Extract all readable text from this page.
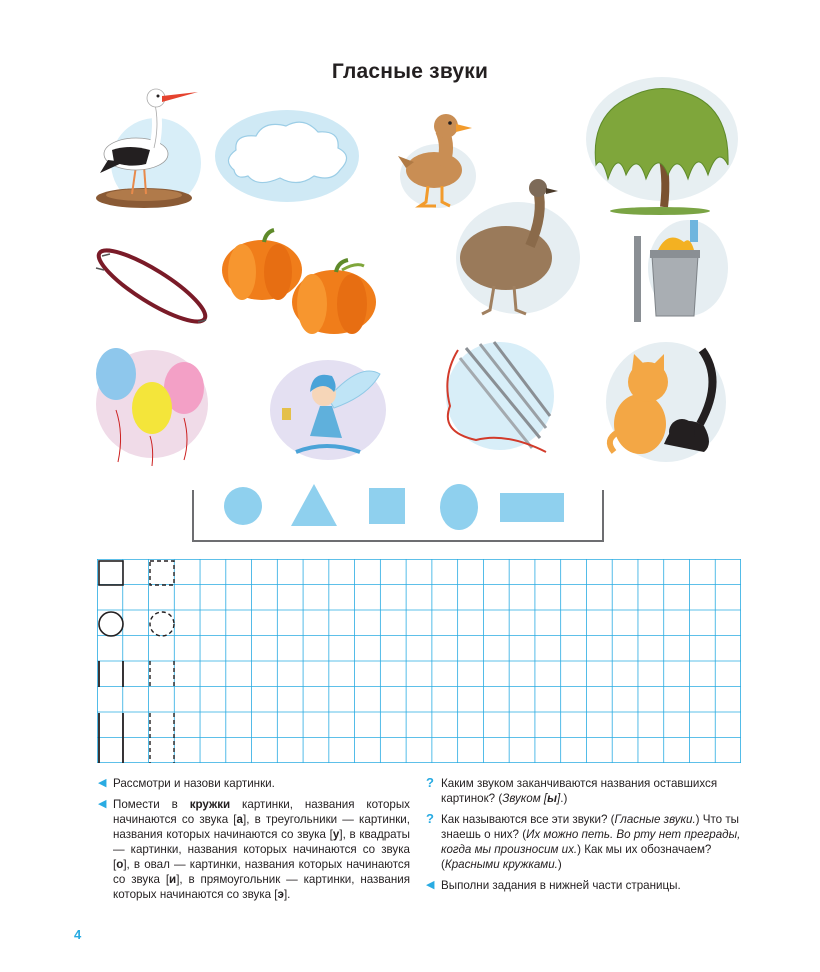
Гласные звуки
◀ Рассмотри и назови картинки.
◀ Помести в кружки картинки, названия которых начинаются со звука [а], в треугольники — картинки, названия которых начинаются со звука [у], в квадраты — картинки, названия которых начинаются со звука [о], в овал — картинки, названия которых начинаются со звука [и], в прямоугольник — картинки, названия которых начинаются со звука [э].
? Каким звуком заканчиваются названия оставшихся картинок? (Звуком [ы].)
? Как называются все эти звуки? (Гласные звуки.) Что ты знаешь о них? (Их можно петь. Во рту нет преграды, когда мы произносим их.) Как мы их обозначаем? (Красными кружками.)
◀ Выполни задания в нижней части страницы.
4
